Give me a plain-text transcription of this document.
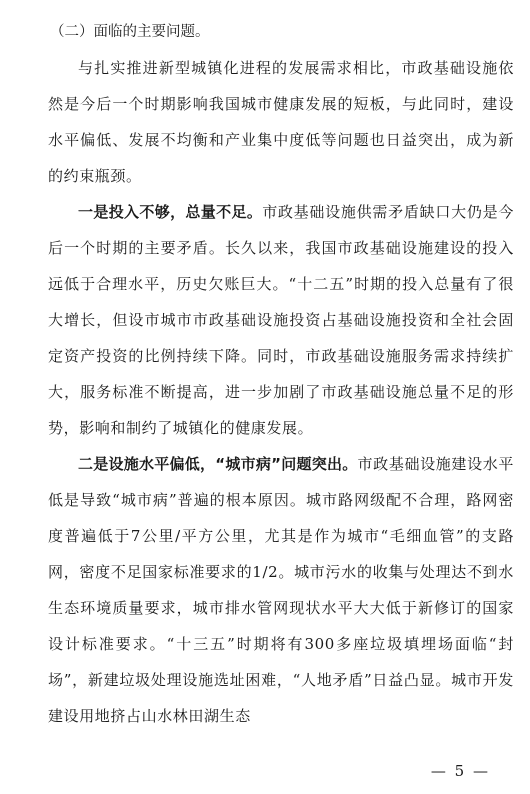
（二）面临的主要问题。

与扎实推进新型城镇化进程的发展需求相比，市政基础设施依然是今后一个时期影响我国城市健康发展的短板，与此同时，建设水平偏低、发展不均衡和产业集中度低等问题也日益突出，成为新的约束瓶颈。

一是投入不够，总量不足。市政基础设施供需矛盾缺口大仍是今后一个时期的主要矛盾。长久以来，我国市政基础设施建设的投入远低于合理水平，历史欠账巨大。“十二五”时期的投入总量有了很大增长，但设市城市市政基础设施投资占基础设施投资和全社会固定资产投资的比例持续下降。同时，市政基础设施服务需求持续扩大，服务标准不断提高，进一步加剧了市政基础设施总量不足的形势，影响和制约了城镇化的健康发展。

二是设施水平偏低，“城市病”问题突出。市政基础设施建设水平低是导致“城市病”普遍的根本原因。城市路网级配不合理，路网密度普遍低于7公里/平方公里，尤其是作为城市“毛细血管”的支路网，密度不足国家标准要求的1/2。城市污水的收集与处理达不到水生态环境质量要求，城市排水管网现状水平大大低于新修订的国家设计标准要求。“十三五”时期将有300多座垃圾填埋场面临“封场”，新建垃圾处理设施选址困难，“人地矛盾”日益凸显。城市开发建设用地挤占山水林田湖生态

— 5 —
